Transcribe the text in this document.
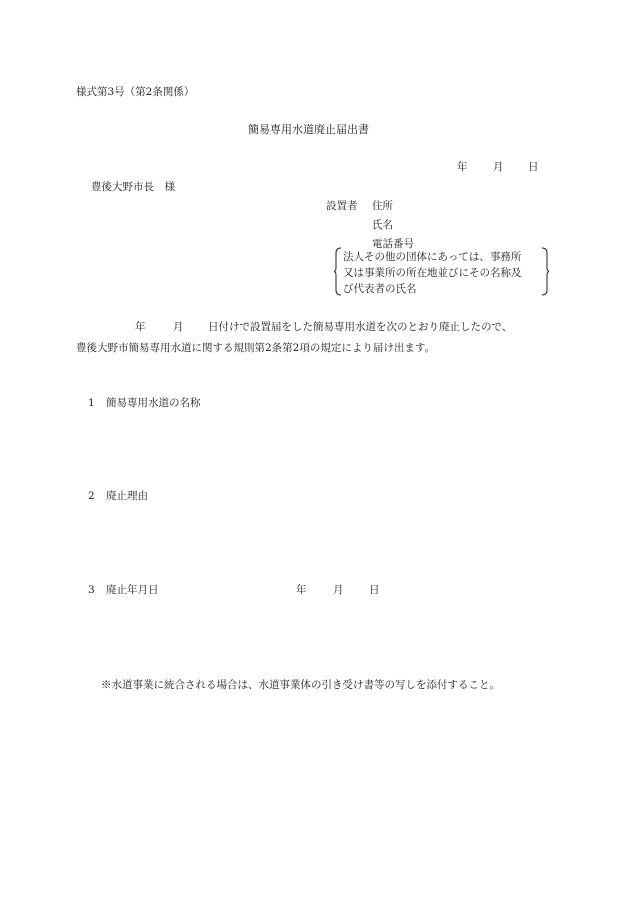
様式第3号（第2条関係）
簡易専用水道廃止届出書
年 月 日
豊後大野市長　様
設置者 住所
氏名
電話番号
法人その他の団体にあっては、事務所
又は事業所の所在地並びにその名称及
び代表者の氏名
年	月 日付けで設置届をした簡易専用水道を次のとおり廃止したので、
豊後大野市簡易専用水道に関する規則第2条第2項の規定により届け出ます。
1 簡易専用水道の名称
2 廃止理由
3 廃止年月日	年	月 日
※水道事業に統合される場合は、水道事業体の引き受け書等の写しを添付すること。
